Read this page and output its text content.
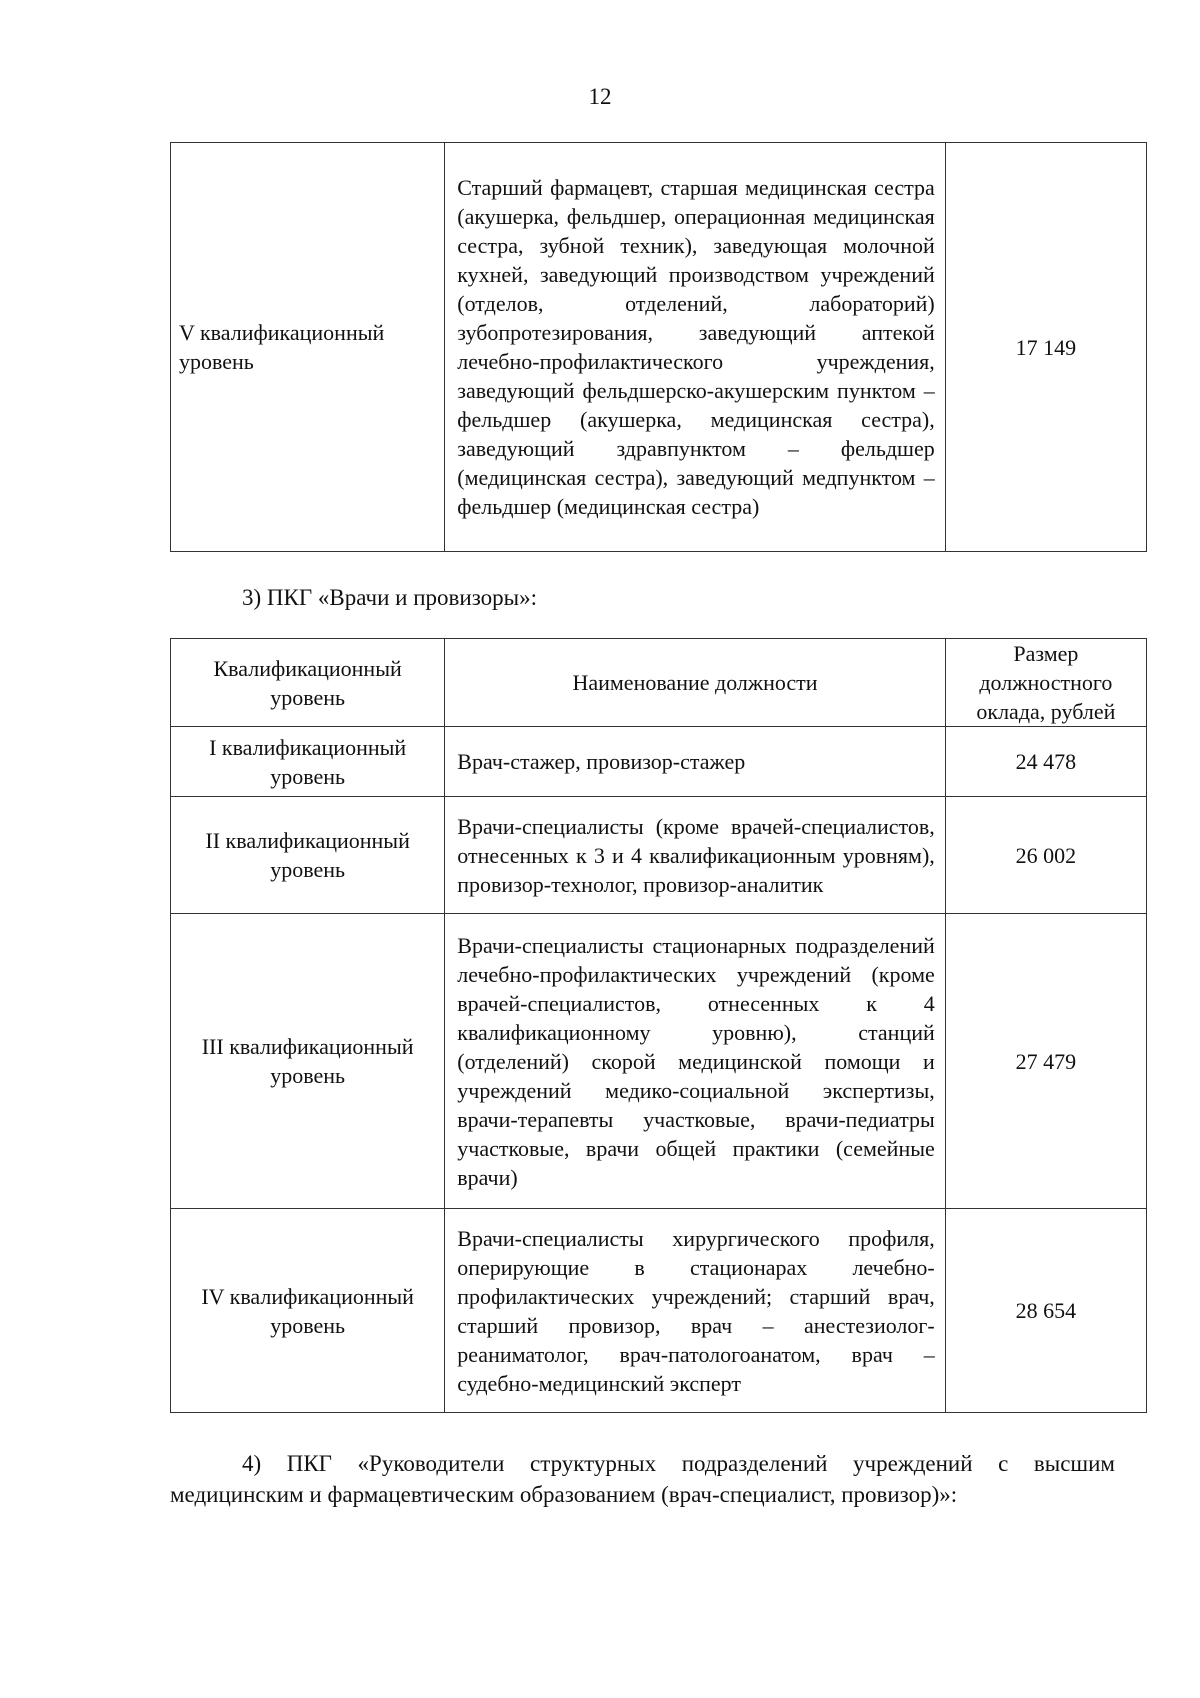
12
V квалификационный уровень	Старший фармацевт, старшая медицинская сестра (акушерка, фельдшер, операционная медицинская сестра, зубной техник), заведующая молочной кухней, заведующий производством учреждений (отделов, отделений, лабораторий) зубопротезирования, заведующий аптекой лечебно-профилактического учреждения, заведующий фельдшерско-акушерским пунктом – фельдшер (акушерка, медицинская сестра), заведующий здравпунктом – фельдшер (медицинская сестра), заведующий медпунктом – фельдшер (медицинская сестра)	17 149
3) ПКГ «Врачи и провизоры»:
Квалификационный уровень	Наименование должности	Размер должностного оклада, рублей
I квалификационный уровень	Врач-стажер, провизор-стажер	24 478
II квалификационный уровень	Врачи-специалисты (кроме врачей-специалистов, отнесенных к 3 и 4 квалификационным уровням), провизор-технолог, провизор-аналитик	26 002
III квалификационный уровень	Врачи-специалисты стационарных подразделений лечебно-профилактических учреждений (кроме врачей-специалистов, отнесенных к 4 квалификационному уровню), станций (отделений) скорой медицинской помощи и учреждений медико-социальной экспертизы, врачи-терапевты участковые, врачи-педиатры участковые, врачи общей практики (семейные врачи)	27 479
IV квалификационный уровень	Врачи-специалисты хирургического профиля, оперирующие в стационарах лечебно-профилактических учреждений; старший врач, старший провизор, врач – анестезиолог-реаниматолог, врач-патологоанатом, врач – судебно-медицинский эксперт	28 654
4) ПКГ «Руководители структурных подразделений учреждений с высшим медицинским и фармацевтическим образованием (врач-специалист, провизор)»:
